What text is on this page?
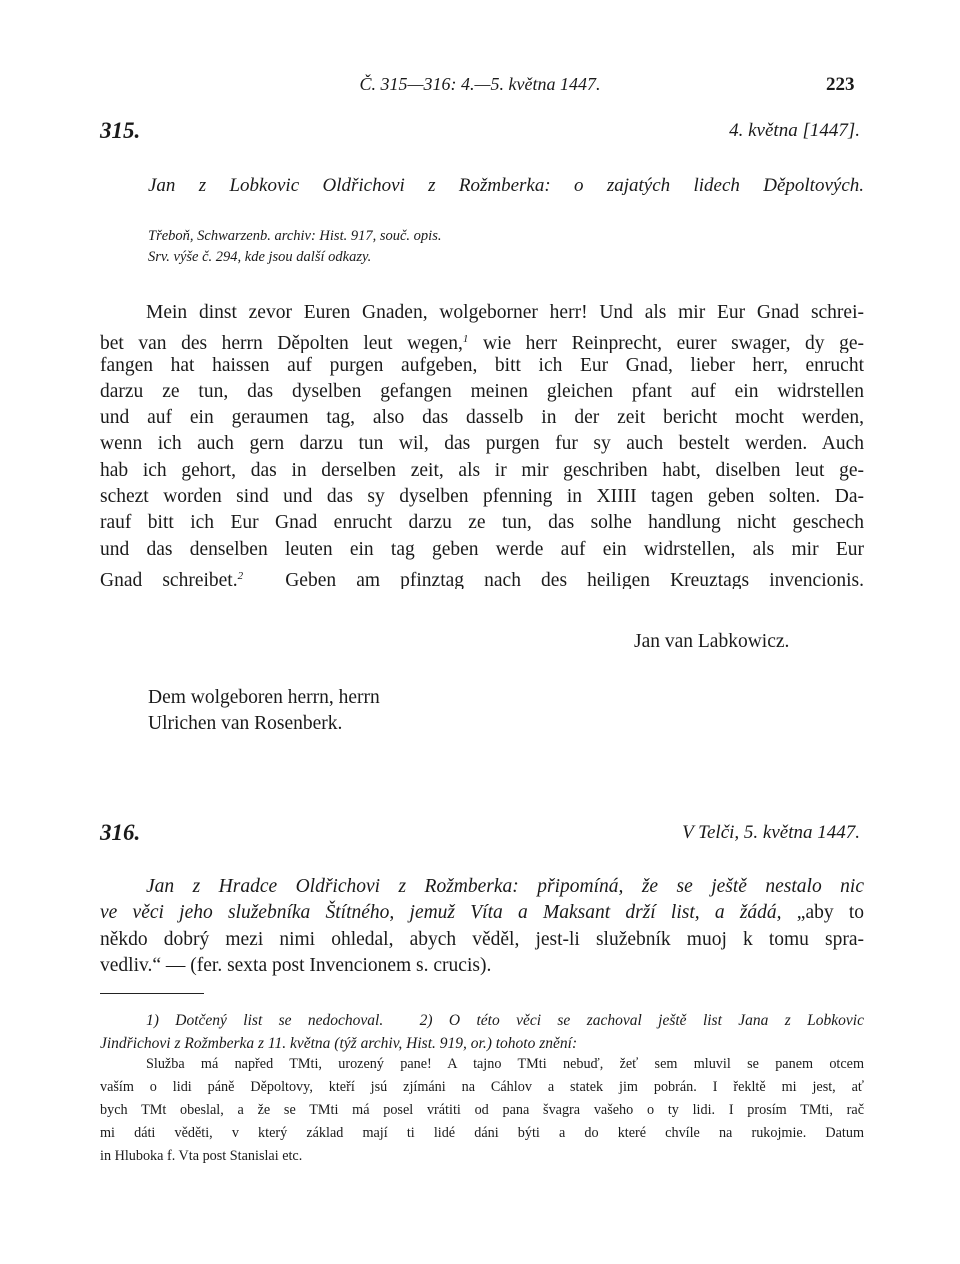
Č. 315—316: 4.—5. května 1447.	223
315.	4. května [1447].
Jan z Lobkovic Oldřichovi z Rožmberka: o zajatých lidech Děpoltových.
Třeboň, Schwarzenb. archiv: Hist. 917, souč. opis.
Srv. výše č. 294, kde jsou další odkazy.
Mein dinst zevor Euren Gnaden, wolgeborner herr! Und als mir Eur Gnad schrei-
bet van des herrn Děpolten leut wegen,$^1$ wie herr Reinprecht, eurer swager, dy ge-
fangen hat haissen auf purgen aufgeben, bitt ich Eur Gnad, lieber herr, enrucht
darzu ze tun, das dyselben gefangen meinen gleichen pfant auf ein widrstellen
und auf ein geraumen tag, also das dasselb in der zeit bericht mocht werden,
wenn ich auch gern darzu tun wil, das purgen fur sy auch bestelt werden. Auch
hab ich gehort, das in derselben zeit, als ir mir geschriben habt, diselben leut ge-
schezt worden sind und das sy dyselben pfenning in XIIII tagen geben solten. Da-
rauf bitt ich Eur Gnad enrucht darzu ze tun, das solhe handlung nicht geschech
und das denselben leuten ein tag geben werde auf ein widrstellen, als mir Eur
Gnad schreibet.$^2$ Geben am pfinztag nach des heiligen Kreuztags invencionis.
Jan van Labkowicz.
Dem wolgeboren herrn, herrn
Ulrichen van Rosenberk.
316.	V Telči, 5. května 1447.
Jan z Hradce Oldřichovi z Rožmberka: připomíná, že se ještě nestalo nic
ve věci jeho služebníka Štítného, jemuž Víta a Maksant drží list, a žádá, „aby to
někdo dobrý mezi nimi ohledal, abych věděl, jest-li služebník muoj k tomu spra-
vedliv.“ — (fer. sexta post Invencionem s. crucis).
1) Dotčený list se nedochoval. 2) O této věci se zachoval ještě list Jana z Lobkovic
Jindřichovi z Rožmberka z 11. května (týž archiv, Hist. 919, or.) tohoto znění:
Služba má napřed TMti, urozený pane! A tajno TMti nebuď, žeť sem mluvil se panem otcem
vaším o lidi páně Děpoltovy, kteří jsú zjímáni na Cáhlov a statek jim pobrán. I řekltě mi jest, ať
bych TMt obeslal, a že se TMti má posel vrátiti od pana švagra vašeho o ty lidi. I prosím TMti, rač
mi dáti věděti, v který základ mají ti lidé dáni býti a do které chvíle na rukojmie. Datum
in Hluboka f. Vta post Stanislai etc.
